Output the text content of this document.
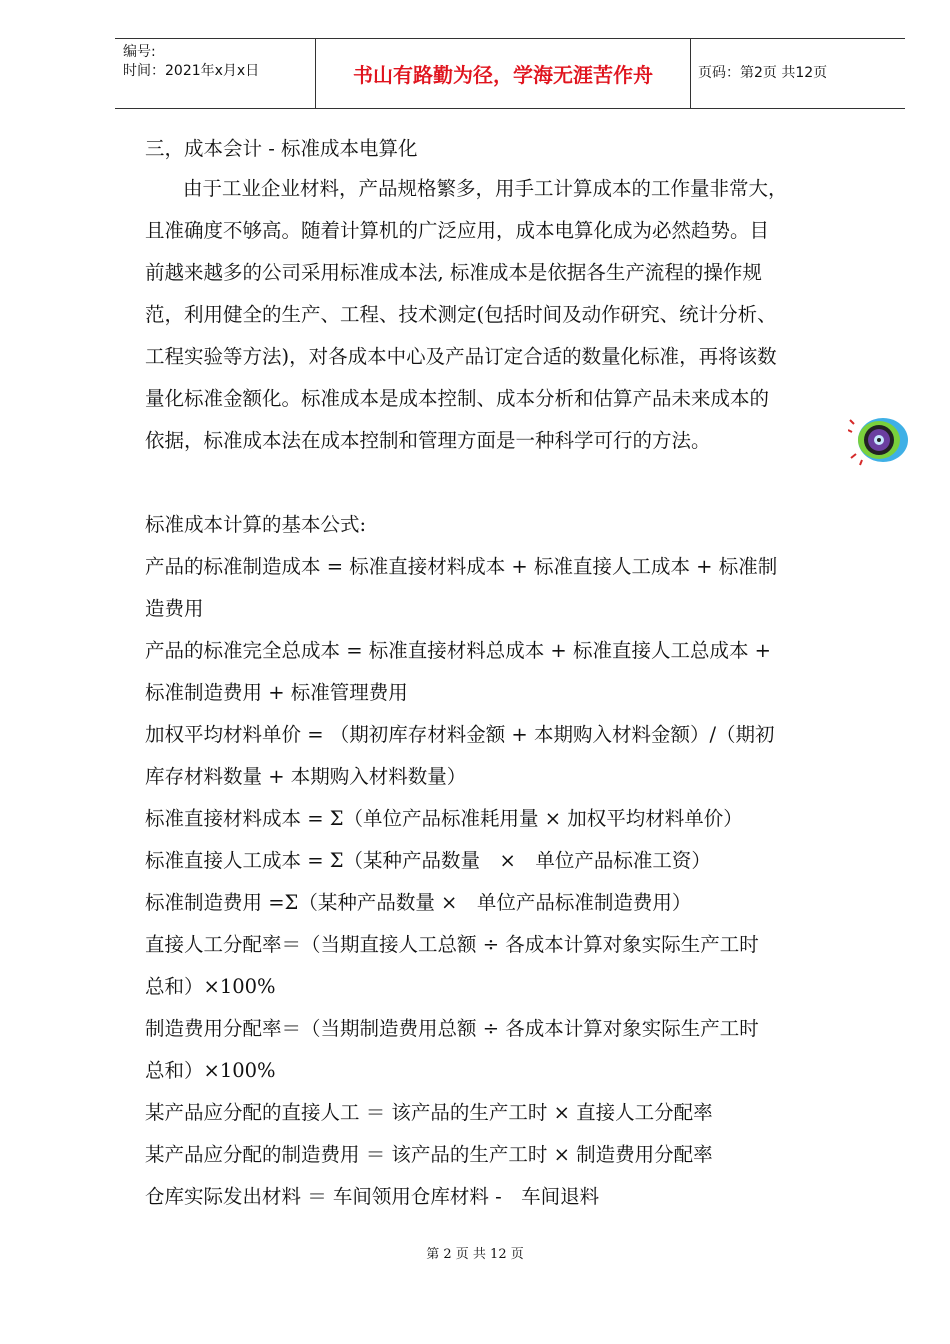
编号:
时间：2021年x月x日	书山有路勤为径，学海无涯苦作舟	页码：第2页 共12页
三，成本会计 - 标准成本电算化
由于工业企业材料，产品规格繁多，用手工计算成本的工作量非常大，
且准确度不够高。随着计算机的广泛应用，成本电算化成为必然趋势。目
前越来越多的公司采用标准成本法, 标准成本是依据各生产流程的操作规
范，利用健全的生产、工程、技术测定(包括时间及动作研究、统计分析、
工程实验等方法)，对各成本中心及产品订定合适的数量化标准，再将该数
量化标准金额化。标准成本是成本控制、成本分析和估算产品未来成本的
依据，标准成本法在成本控制和管理方面是一种科学可行的方法。
标准成本计算的基本公式:
产品的标准制造成本 = 标准直接材料成本 + 标准直接人工成本 + 标准制
造费用
产品的标准完全总成本 = 标准直接材料总成本 + 标准直接人工总成本 +
标准制造费用 + 标准管理费用
加权平均材料单价 = （期初库存材料金额 + 本期购入材料金额）/（期初
库存材料数量 + 本期购入材料数量）
标准直接材料成本 = Σ（单位产品标准耗用量 × 加权平均材料单价）
标准直接人工成本 = Σ（某种产品数量　×　单位产品标准工资）
标准制造费用 =Σ（某种产品数量 ×　单位产品标准制造费用）
直接人工分配率＝（当期直接人工总额 ÷ 各成本计算对象实际生产工时
总和）×100%
制造费用分配率＝（当期制造费用总额 ÷ 各成本计算对象实际生产工时
总和）×100%
某产品应分配的直接人工 ＝ 该产品的生产工时 × 直接人工分配率
某产品应分配的制造费用 ＝ 该产品的生产工时 × 制造费用分配率
仓库实际发出材料 ＝ 车间领用仓库材料 -　车间退料
第 2 页 共 12 页
